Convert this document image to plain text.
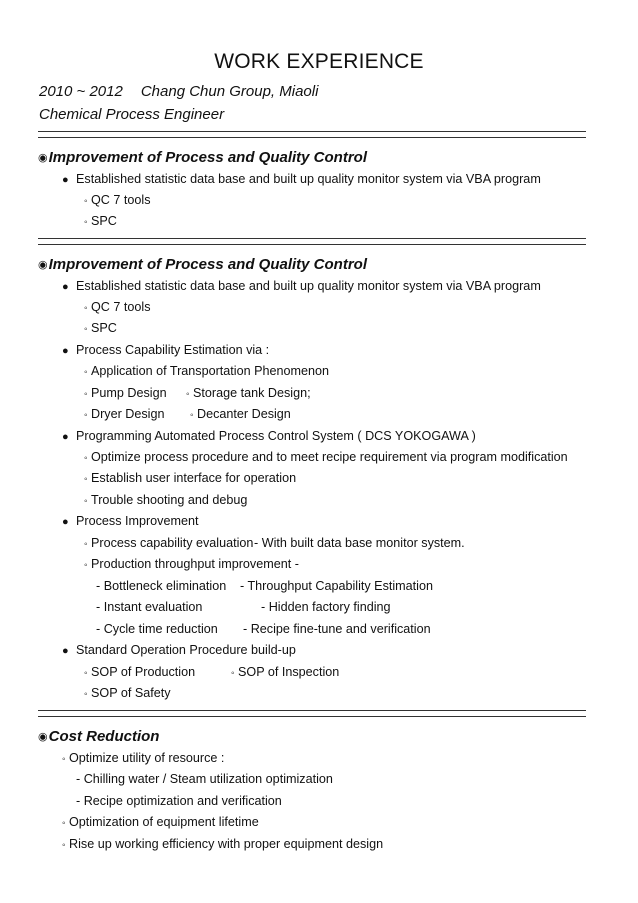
WORK EXPERIENCE
2010 ~ 2012 Chang Chun Group, Miaoli
Chemical Process Engineer
◉Improvement of Process and Quality Control
● Established statistic data base and built up quality monitor system via VBA program
◦ QC 7 tools
◦ SPC
◉Improvement of Process and Quality Control
● Established statistic data base and built up quality monitor system via VBA program
◦ QC 7 tools
◦ SPC
● Process Capability Estimation via :
◦ Application of Transportation Phenomenon
◦ Pump Design ◦ Storage tank Design;
◦ Dryer Design	◦ Decanter Design
● Programming Automated Process Control System ( DCS YOKOGAWA )
◦ Optimize process procedure and to meet recipe requirement via program modification
◦ Establish user interface for operation
◦ Trouble shooting and debug
● Process Improvement
◦ Process capability evaluation - With built data base monitor system.
◦ Production throughput improvement -
- Bottleneck elimination - Throughput Capability Estimation
- Instant evaluation	- Hidden factory finding
- Cycle time reduction - Recipe fine-tune and verification
● Standard Operation Procedure build-up
◦ SOP of Production	◦ SOP of Inspection
◦ SOP of Safety
◉Cost Reduction
◦ Optimize utility of resource :
- Chilling water / Steam utilization optimization
- Recipe optimization and verification
◦ Optimization of equipment lifetime
◦ Rise up working efficiency with proper equipment design
